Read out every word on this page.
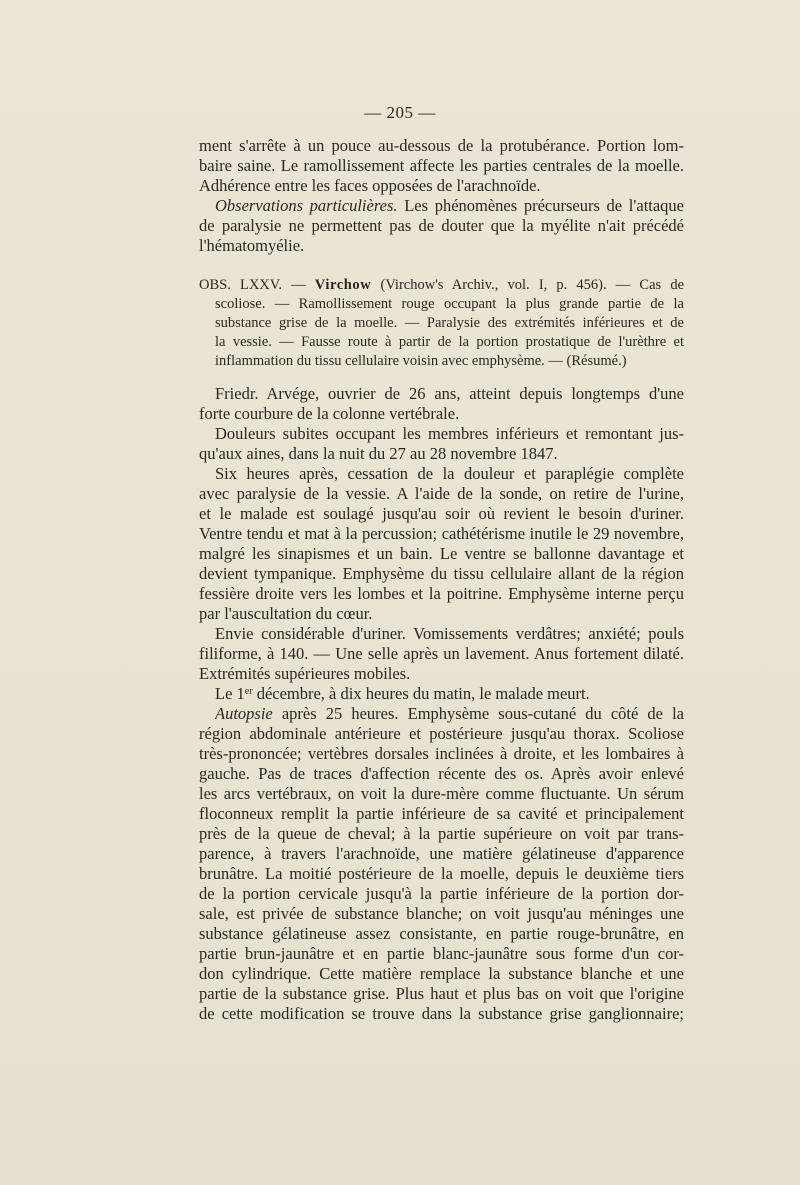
— 205 —
ment s'arrête à un pouce au-dessous de la protubérance. Portion lom-
baire saine. Le ramollissement affecte les parties centrales de la moelle.
Adhérence entre les faces opposées de l'arachnoïde.
Observations particulières. Les phénomènes précurseurs de l'attaque
de paralysie ne permettent pas de douter que la myélite n'ait précédé
l'hématomyélie.
OBS. LXXV. — Virchow (Virchow's Archiv., vol. I, p. 456). — Cas de
scoliose. — Ramollissement rouge occupant la plus grande partie de la
substance grise de la moelle. — Paralysie des extrémités inférieures et de
la vessie. — Fausse route à partir de la portion prostatique de l'urèthre et
inflammation du tissu cellulaire voisin avec emphysème. — (Résumé.)
Friedr. Arvége, ouvrier de 26 ans, atteint depuis longtemps d'une
forte courbure de la colonne vertébrale.
Douleurs subites occupant les membres inférieurs et remontant jus-
qu'aux aines, dans la nuit du 27 au 28 novembre 1847.
Six heures après, cessation de la douleur et paraplégie complète
avec paralysie de la vessie. A l'aide de la sonde, on retire de l'urine,
et le malade est soulagé jusqu'au soir où revient le besoin d'uriner.
Ventre tendu et mat à la percussion; cathétérisme inutile le 29 novembre,
malgré les sinapismes et un bain. Le ventre se ballonne davantage et
devient tympanique. Emphysème du tissu cellulaire allant de la région
fessière droite vers les lombes et la poitrine. Emphysème interne perçu
par l'auscultation du cœur.
Envie considérable d'uriner. Vomissements verdâtres; anxiété; pouls
filiforme, à 140. — Une selle après un lavement. Anus fortement dilaté.
Extrémités supérieures mobiles.
Le 1er décembre, à dix heures du matin, le malade meurt.
Autopsie après 25 heures. Emphysème sous-cutané du côté de la
région abdominale antérieure et postérieure jusqu'au thorax. Scoliose
très-prononcée; vertèbres dorsales inclinées à droite, et les lombaires à
gauche. Pas de traces d'affection récente des os. Après avoir enlevé
les arcs vertébraux, on voit la dure-mère comme fluctuante. Un sérum
floconneux remplit la partie inférieure de sa cavité et principalement
près de la queue de cheval; à la partie supérieure on voit par trans-
parence, à travers l'arachnoïde, une matière gélatineuse d'apparence
brunâtre. La moitié postérieure de la moelle, depuis le deuxième tiers
de la portion cervicale jusqu'à la partie inférieure de la portion dor-
sale, est privée de substance blanche; on voit jusqu'au méninges une
substance gélatineuse assez consistante, en partie rouge-brunâtre, en
partie brun-jaunâtre et en partie blanc-jaunâtre sous forme d'un cor-
don cylindrique. Cette matière remplace la substance blanche et une
partie de la substance grise. Plus haut et plus bas on voit que l'origine
de cette modification se trouve dans la substance grise ganglionnaire;
